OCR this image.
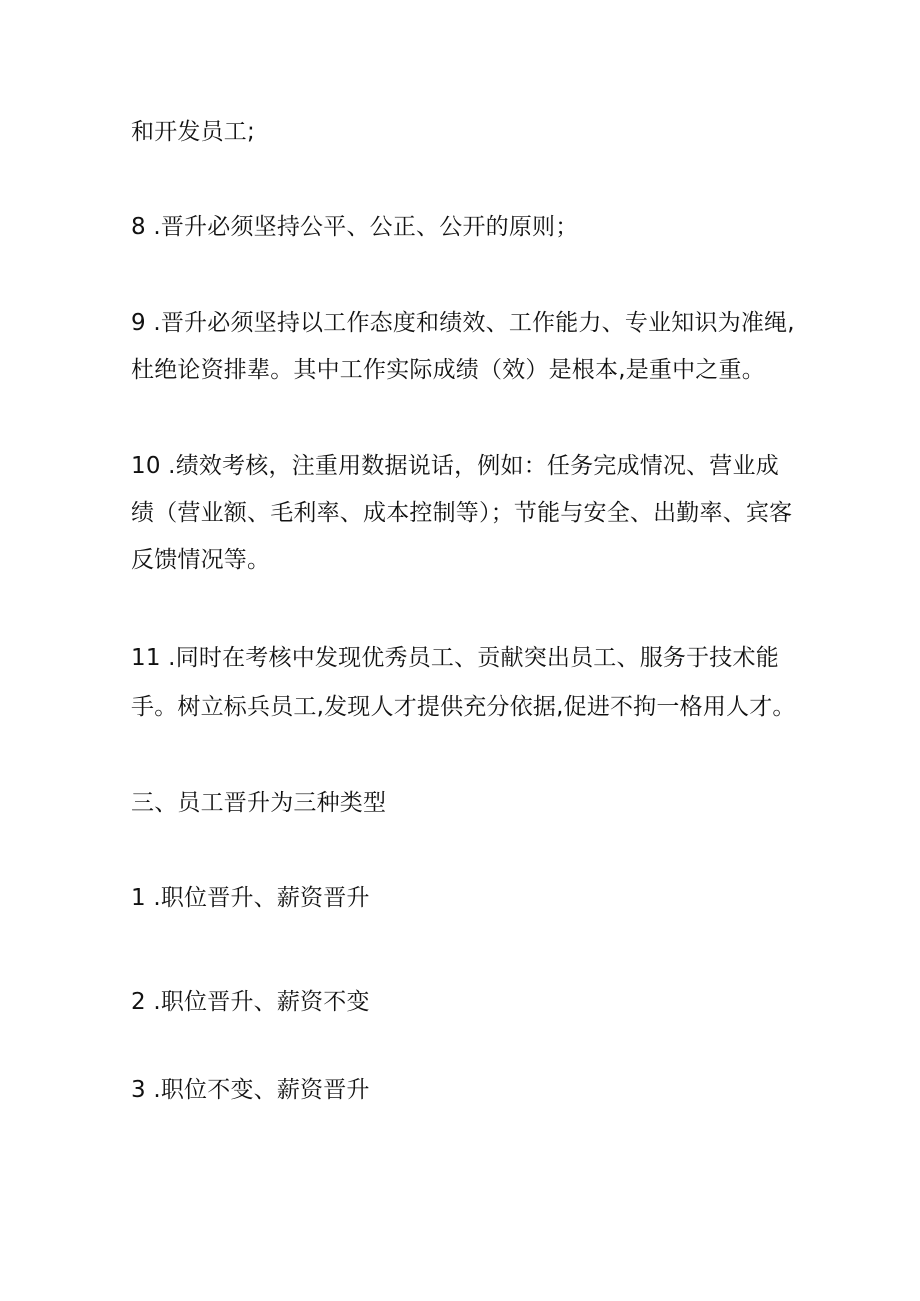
和开发员工;
8 .晋升必须坚持公平、公正、公开的原则；
9 .晋升必须坚持以工作态度和绩效、工作能力、专业知识为准绳,
杜绝论资排辈。其中工作实际成绩（效）是根本,是重中之重。
10 .绩效考核，注重用数据说话，例如：任务完成情况、营业成
绩（营业额、毛利率、成本控制等）；节能与安全、出勤率、宾客
反馈情况等。
11 .同时在考核中发现优秀员工、贡献突出员工、服务于技术能
手。树立标兵员工,发现人才提供充分依据,促进不拘一格用人才。
三、员工晋升为三种类型
1 .职位晋升、薪资晋升
2 .职位晋升、薪资不变
3 .职位不变、薪资晋升
